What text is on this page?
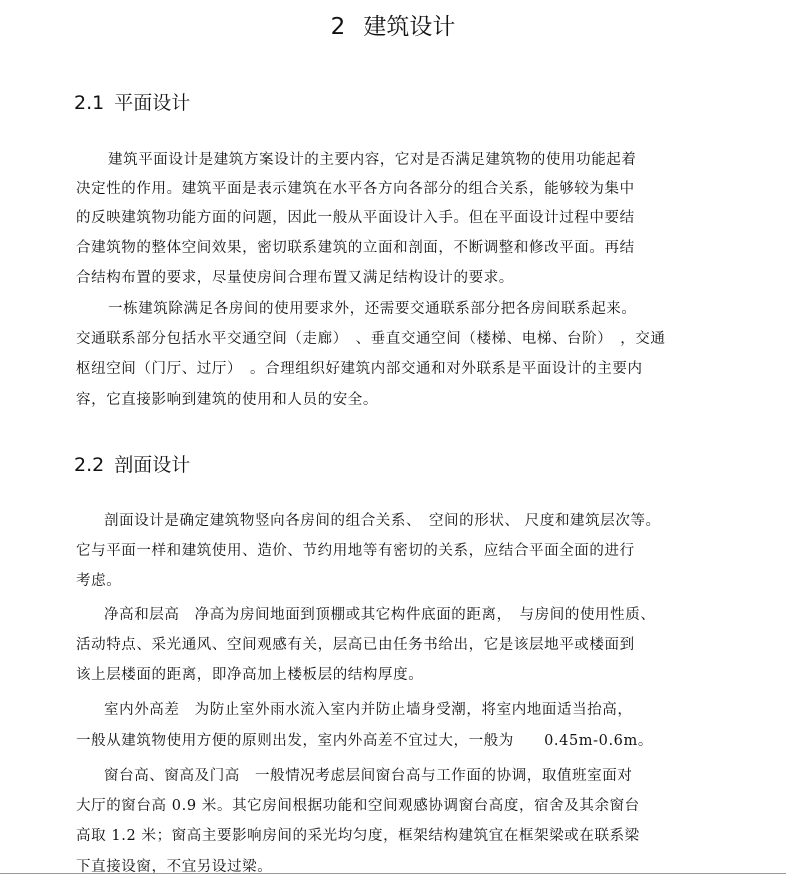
2 建筑设计
2.1 平面设计
建筑平面设计是建筑方案设计的主要内容，它对是否满足建筑物的使用功能起着
决定性的作用。建筑平面是表示建筑在水平各方向各部分的组合关系，能够较为集中
的反映建筑物功能方面的问题，因此一般从平面设计入手。但在平面设计过程中要结
合建筑物的整体空间效果，密切联系建筑的立面和剖面，不断调整和修改平面。再结
合结构布置的要求，尽量使房间合理布置又满足结构设计的要求。
一栋建筑除满足各房间的使用要求外，还需要交通联系部分把各房间联系起来。
交通联系部分包括水平交通空间（走廊）　、垂直交通空间（楼梯、电梯、台阶）　，交通
枢纽空间（门厅、过厅）　。合理组织好建筑内部交通和对外联系是平面设计的主要内
容，它直接影响到建筑的使用和人员的安全。
2.2 剖面设计
剖面设计是确定建筑物竖向各房间的组合关系、　空间的形状、 尺度和建筑层次等。
它与平面一样和建筑使用、造价、节约用地等有密切的关系，应结合平面全面的进行
考虑。
净高和层高　净高为房间地面到顶棚或其它构件底面的距离，　与房间的使用性质、
活动特点、采光通风、空间观感有关，层高已由任务书给出，它是该层地平或楼面到
该上层楼面的距离，即净高加上楼板层的结构厚度。
室内外高差　为防止室外雨水流入室内并防止墙身受潮，将室内地面适当抬高，
一般从建筑物使用方便的原则出发，室内外高差不宜过大，一般为　　0.45m-0.6m。
窗台高、窗高及门高　一般情况考虑层间窗台高与工作面的协调，取值班室面对
大厅的窗台高 0.9 米。其它房间根据功能和空间观感协调窗台高度，宿舍及其余窗台
高取 1.2 米；窗高主要影响房间的采光均匀度，框架结构建筑宜在框架梁或在联系梁
下直接设窗，不宜另设过梁。
